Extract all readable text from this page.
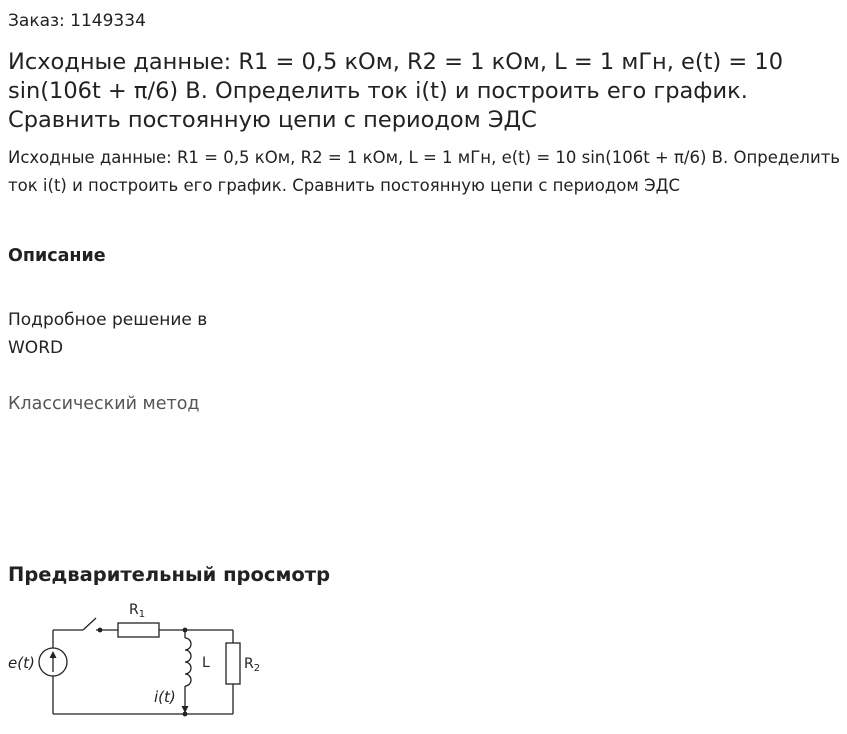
Заказ: 1149334
Исходные данные: R1 = 0,5 кОм, R2 = 1 кОм, L = 1 мГн, e(t) = 10 sin(106t + π/6) В. Определить ток i(t) и построить его график. Сравнить постоянную цепи с периодом ЭДС

Исходные данные: R1 = 0,5 кОм, R2 = 1 кОм, L = 1 мГн, e(t) = 10 sin(106t + π/6) В. Определить ток i(t) и построить его график. Сравнить постоянную цепи с периодом ЭДС

Описание

Подробное решение в WORD

Классический метод

Предварительный просмотр
e(t)
$R_1$
L $R_2$
i(t)
